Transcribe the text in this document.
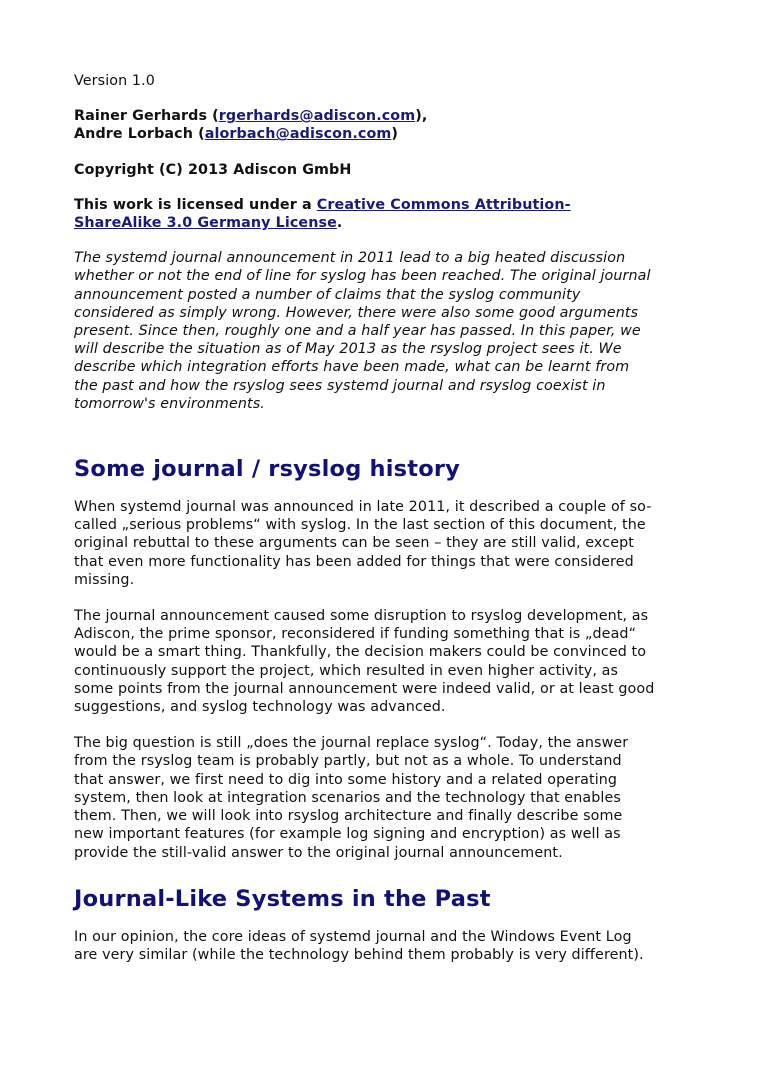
Version 1.0

Rainer Gerhards (rgerhards@adiscon.com),

Andre Lorbach (alorbach@adiscon.com)

Copyright (C) 2013 Adiscon GmbH

This work is licensed under a Creative Commons Attribution-

ShareAlike 3.0 Germany License.

The systemd journal announcement in 2011 lead to a big heated discussion

whether or not the end of line for syslog has been reached. The original journal

announcement posted a number of claims that the syslog community

considered as simply wrong. However, there were also some good arguments

present. Since then, roughly one and a half year has passed. In this paper, we

will describe the situation as of May 2013 as the rsyslog project sees it. We

describe which integration efforts have been made, what can be learnt from

the past and how the rsyslog sees systemd journal and rsyslog coexist in

tomorrow's environments.

Some journal / rsyslog history

When systemd journal was announced in late 2011, it described a couple of so-

called „serious problems“ with syslog. In the last section of this document, the

original rebuttal to these arguments can be seen – they are still valid, except

that even more functionality has been added for things that were considered

missing.

The journal announcement caused some disruption to rsyslog development, as

Adiscon, the prime sponsor, reconsidered if funding something that is „dead“

would be a smart thing. Thankfully, the decision makers could be convinced to

continuously support the project, which resulted in even higher activity, as

some points from the journal announcement were indeed valid, or at least good

suggestions, and syslog technology was advanced.

The big question is still „does the journal replace syslog“. Today, the answer

from the rsyslog team is probably partly, but not as a whole. To understand

that answer, we first need to dig into some history and a related operating

system, then look at integration scenarios and the technology that enables

them. Then, we will look into rsyslog architecture and finally describe some

new important features (for example log signing and encryption) as well as

provide the still-valid answer to the original journal announcement.

Journal-Like Systems in the Past

In our opinion, the core ideas of systemd journal and the Windows Event Log

are very similar (while the technology behind them probably is very different).
